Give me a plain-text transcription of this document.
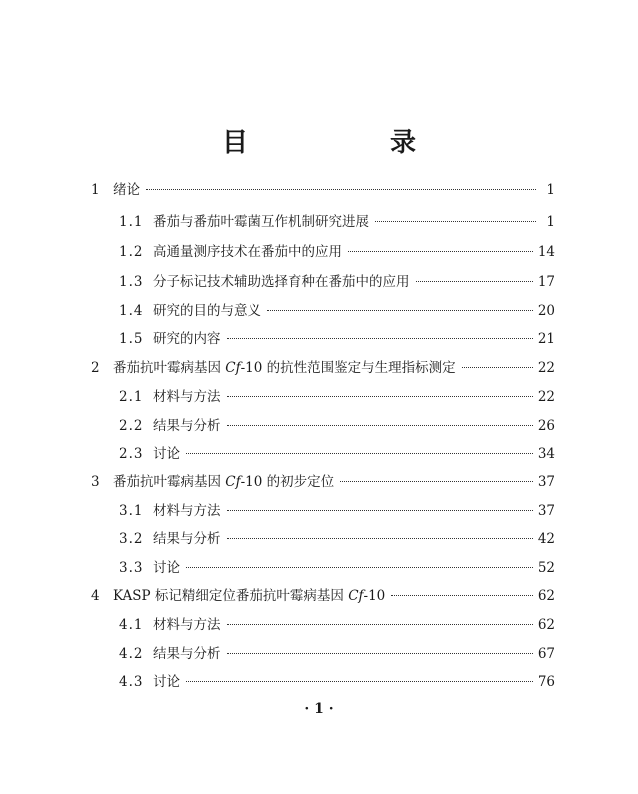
目　录
1 绪论	1
1.1 番茄与番茄叶霉菌互作机制研究进展	1
1.2 高通量测序技术在番茄中的应用	14
1.3 分子标记技术辅助选择育种在番茄中的应用	17
1.4 研究的目的与意义	20
1.5 研究的内容	21
2 番茄抗叶霉病基因 Cf-10 的抗性范围鉴定与生理指标测定	22
2.1 材料与方法	22
2.2 结果与分析	26
2.3 讨论	34
3 番茄抗叶霉病基因 Cf-10 的初步定位	37
3.1 材料与方法	37
3.2 结果与分析	42
3.3 讨论	52
4 KASP 标记精细定位番茄抗叶霉病基因 Cf-10	62
4.1 材料与方法	62
4.2 结果与分析	67
4.3 讨论	76
· 1 ·
